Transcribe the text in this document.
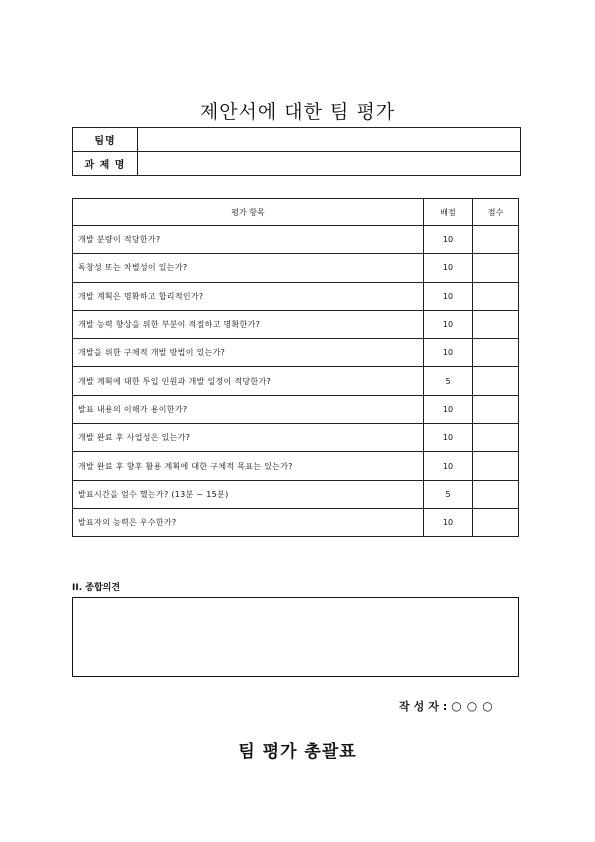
제안서에 대한 팀 평가
팀명	
과 제 명	
평가 항목	배점	점수
개발 분량이 적당한가?	10	
독창성 또는 차별성이 있는가?	10	
개발 계획은 명확하고 합리적인가?	10	
개발 능력 향상을 위한 부분이 적절하고 명확한가?	10	
개발을 위한 구체적 개발 방법이 있는가?	10	
개발 계획에 대한 투입 인원과 개발 일정이 적당한가?	5	
발표 내용의 이해가 용이한가?	10	
개발 완료 후 사업성은 있는가?	10	
개발 완료 후 향후 활용 계획에 대한 구체적 목표는 있는가?	10	
발표시간을 엄수 했는가? (13분 ~ 15분)	5	
발표자의 능력은 우수한가?	10	
II. 종합의견
작성자 : ○○○
팀 평가 총괄표
